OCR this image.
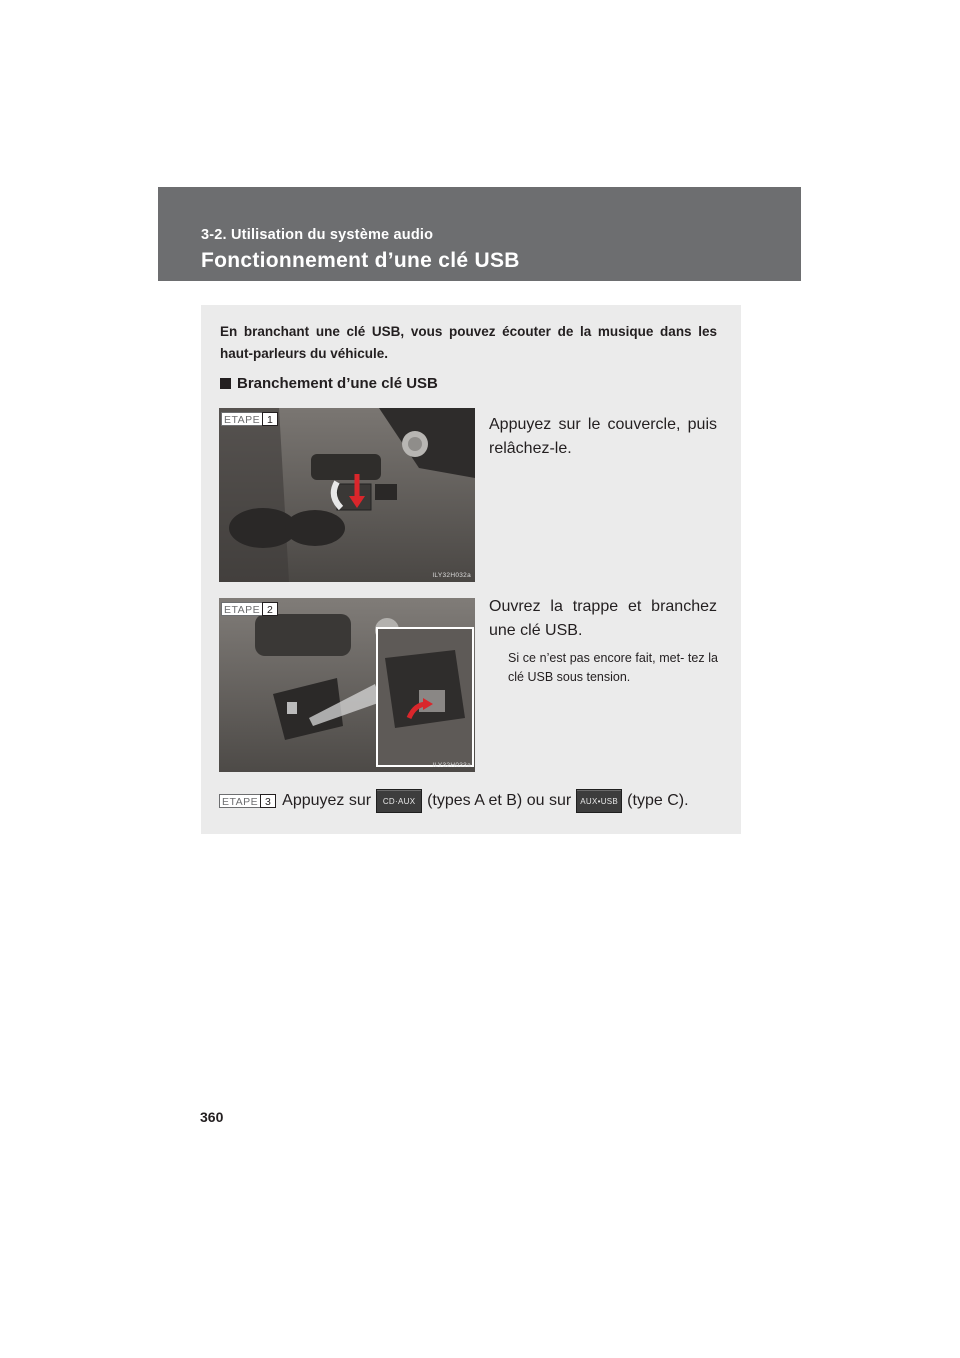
3-2. Utilisation du système audio
Fonctionnement d’une clé USB
En branchant une clé USB, vous pouvez écouter de la musique dans les haut-parleurs du véhicule.
Branchement d’une clé USB
ETAPE 1
ILY32H032a
Appuyez sur le couvercle, puis relâchez-le.
ETAPE 2
ILY32H033a
Ouvrez la trappe et branchez une clé USB.
Si ce n’est pas encore fait, met- tez la clé USB sous tension.
ETAPE 3 Appuyez sur	CD·AUX (types A et B) ou sur	AUX•USB (type C).
360
